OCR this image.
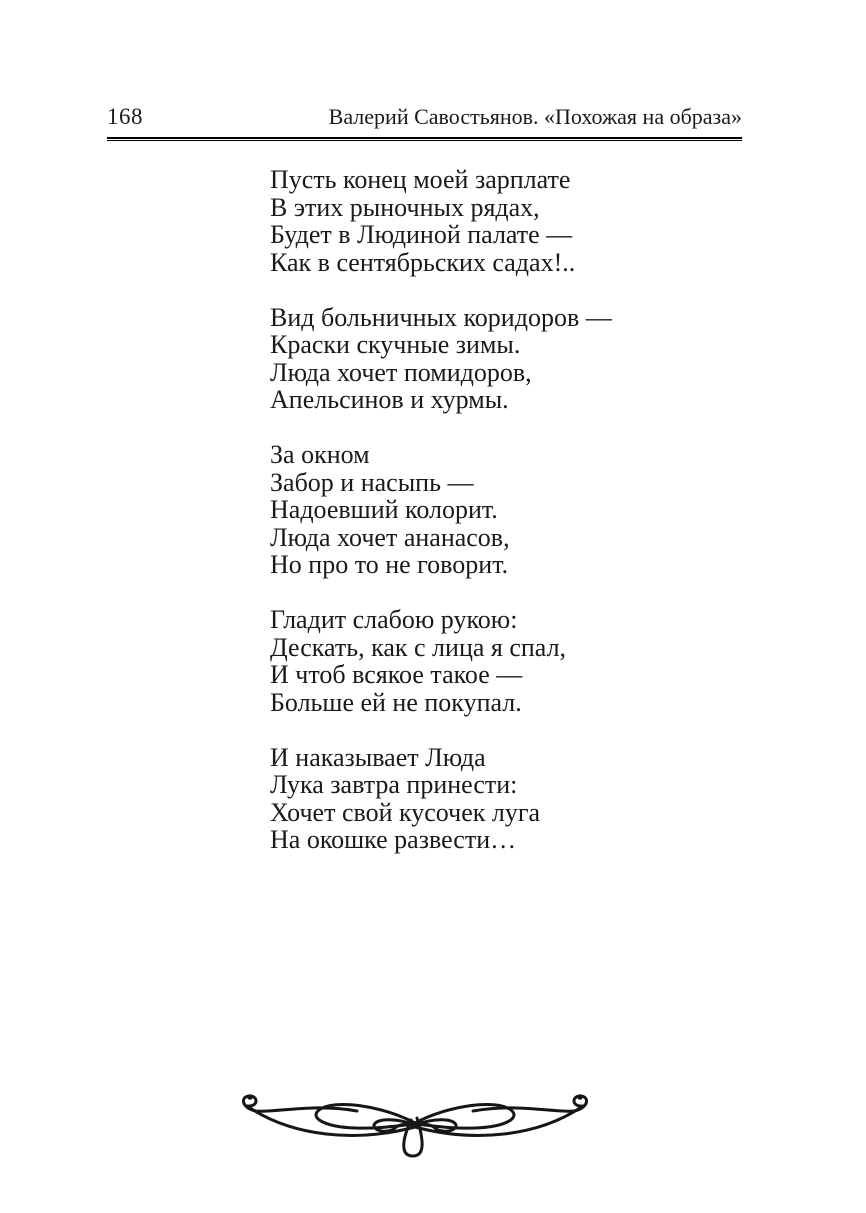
168	Валерий Савостьянов. «Похожая на образа»
Пусть конец моей зарплате
В этих рыночных рядах,
Будет в Людиной палате —
Как в сентябрьских садах!..
Вид больничных коридоров —
Краски скучные зимы.
Люда хочет помидоров,
Апельсинов и хурмы.
За окном
Забор и насыпь —
Надоевший колорит.
Люда хочет ананасов,
Но про то не говорит.
Гладит слабою рукою:
Дескать, как с лица я спал,
И чтоб всякое такое —
Больше ей не покупал.
И наказывает Люда
Лука завтра принести:
Хочет свой кусочек луга
На окошке развести…
